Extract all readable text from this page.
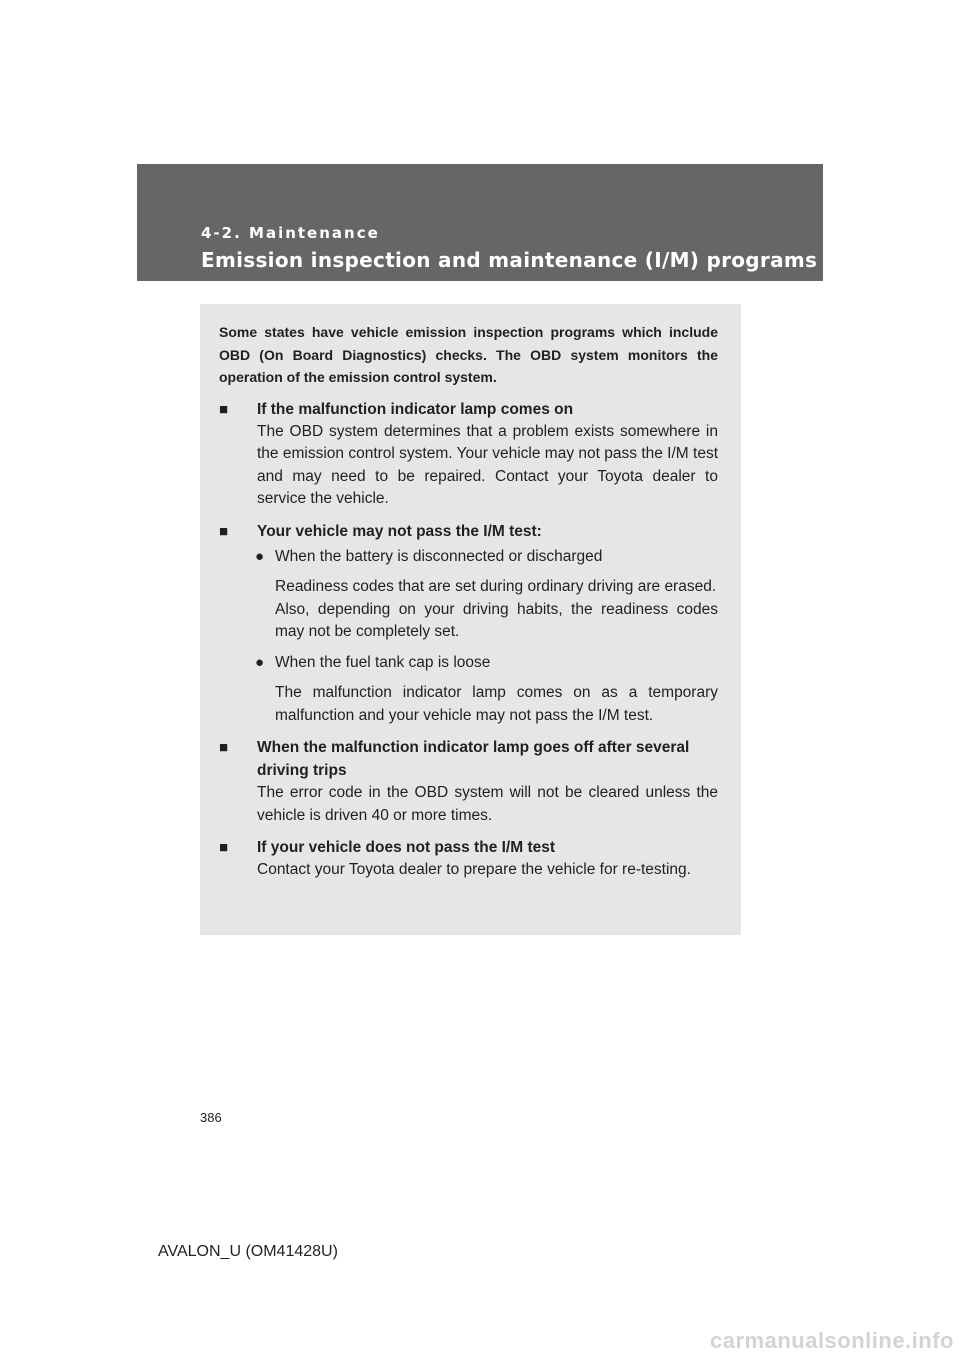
4-2. Maintenance
Emission inspection and maintenance (I/M) programs

Some states have vehicle emission inspection programs which include OBD (On Board Diagnostics) checks. The OBD system monitors the operation of the emission control system.

■
If the malfunction indicator lamp comes on

The OBD system determines that a problem exists somewhere in the emission control system. Your vehicle may not pass the I/M test and may need to be repaired. Contact your Toyota dealer to service the vehicle.

■
Your vehicle may not pass the I/M test:

●
When the battery is disconnected or discharged

Readiness codes that are set during ordinary driving are erased.

Also, depending on your driving habits, the readiness codes may not be completely set.

●
When the fuel tank cap is loose

The malfunction indicator lamp comes on as a temporary malfunction and your vehicle may not pass the I/M test.

■
When the malfunction indicator lamp goes off after several driving trips

The error code in the OBD system will not be cleared unless the vehicle is driven 40 or more times.

■
If your vehicle does not pass the I/M test

Contact your Toyota dealer to prepare the vehicle for re-testing.

386
AVALON_U (OM41428U)
carmanualsonline.info
